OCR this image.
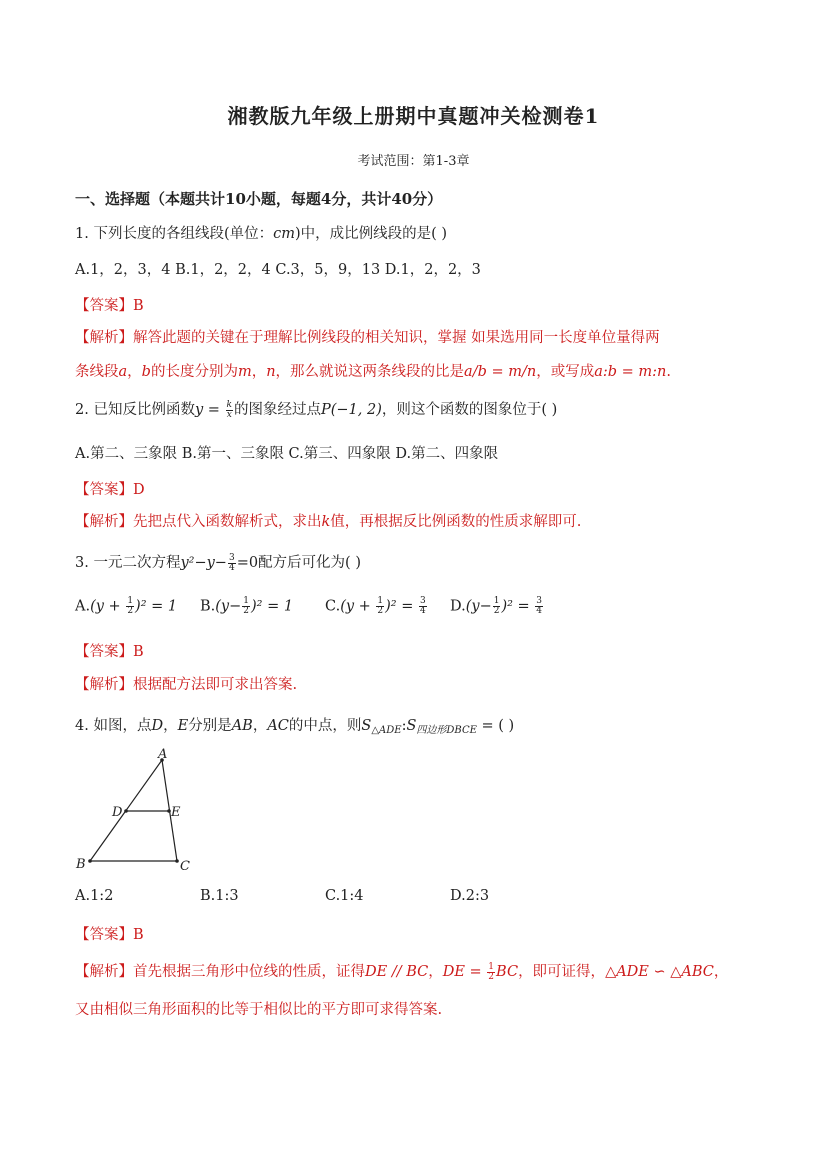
湘教版九年级上册期中真题冲关检测卷1
考试范围：第1-3章
一、选择题（本题共计10小题，每题4分，共计40分）
1. 下列长度的各组线段(单位：cm)中，成比例线段的是( )
A.1，2，3，4 B.1，2，2，4 C.3，5，9，13 D.1，2，2，3
【答案】B
【解析】解答此题的关键在于理解比例线段的相关知识，掌握 如果选用同一长度单位量得两
条线段a，b的长度分别为m，n，那么就说这两条线段的比是a/b = m/n，或写成a:b = m:n.
2. 已知反比例函数$y = \frac{k}{x}$ 的图象经过点P(−1, 2)，则这个函数的图象位于( )
A.第二、三象限 B.第一、三象限 C.第三、四象限 D.第二、四象限
【答案】D
【解析】先把点代入函数解析式，求出k值，再根据反比例函数的性质求解即可.
3. 一元二次方程$y^2-y- \frac{3}{4} =0$配方后可化为( )
$A.(y + \frac{1}{2} )^2 = 1$ $B.(y- \frac{1}{2} )^2 = 1$ $C.(y + \frac{1}{2} )^2 = \frac{3}{4} D.(y- \frac{1}{2} )^2 = \frac{3}{4}$
【答案】B
【解析】根据配方法即可求出答案.
4. 如图，点D，E分别是AB，AC的中点，则$S_{\triangle ADE}:S_{四边形DBCE}$ = ( )
A
B	C
D	E
A.1:2	B.1:3	C.1:4	D.2:3
【答案】B
【解析】首先根据三角形中位线的性质，证得DE // BC，DE = $\frac{1}{2}$ BC，即可证得，△ADE ∽ △ABC，
又由相似三角形面积的比等于相似比的平方即可求得答案.
